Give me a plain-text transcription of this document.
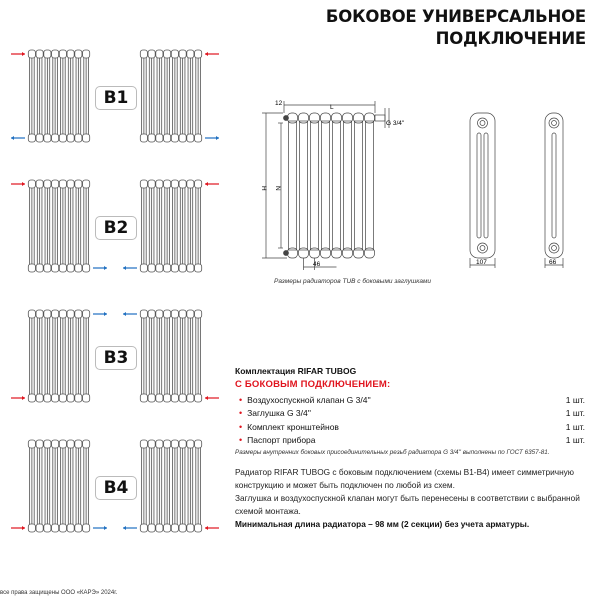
БОКОВОЕ УНИВЕРСАЛЬНОЕ
ПОДКЛЮЧЕНИЕ
B1
B2
B3
B4
12
L
G 3/4''
H N
46	107	66
Размеры радиаторов TUB с боковыми заглушками
Комплектация RIFAR TUBOG
С БОКОВЫМ ПОДКЛЮЧЕНИЕМ:
• Воздухоспускной клапан G 3/4''	1 шт.
• Заглушка G 3/4''	1 шт.
• Комплект кронштейнов	1 шт.
• Паспорт прибора	1 шт.
Размеры внутренних боковых присоединительных резьб радиатора G 3/4'' выполнены по ГОСТ 6357-81.
Радиатор RIFAR TUBOG с боковым подключением (схемы B1-B4) имеет симметричную конструкцию и может быть подключен по любой из схем.
Заглушка и воздухоспускной клапан могут быть перенесены в соответствии с выбранной схемой монтажа.
Минимальная длина радиатора – 98 мм (2 секции) без учета арматуры.
все права защищены ООО «КАРЭ» 2024г.
